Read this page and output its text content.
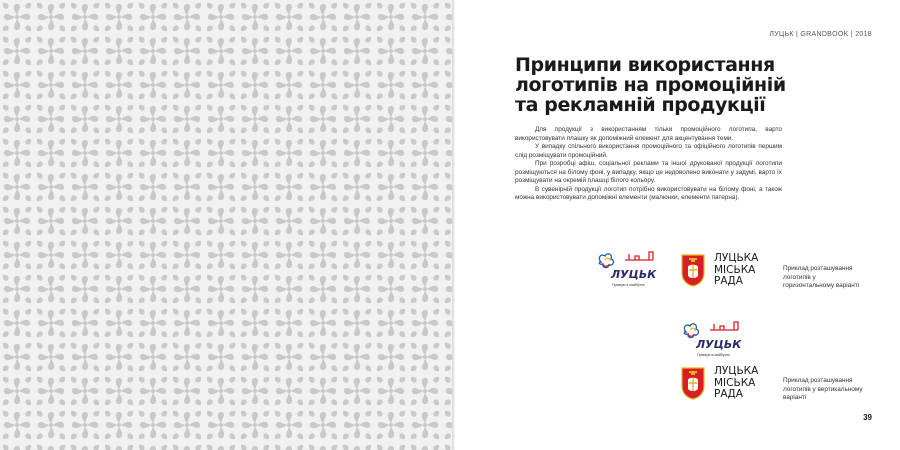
ЛУЦЬК | GRANDBOOK | 2018
Принципи використання
логотипів на промоційній
та рекламній продукції

Для продукції з використанням тільки промоційного логотипа, варто використовувати плашку як допоміжний елемент для акцентування теми.

У випадку спільного використання промоційного та офіційного логотипів першим слід розміщувати промоційний.

При розробці афіш, соціальної реклами та іншої друкованої продукції логотипи розміщуються на білому фоні, у випадку, якщо це недоволено виконати у задумі, варто їх розміщувати на окремій плашці білого кольору.

В сувенірній продукції логотип потрібно використовувати на білому фоні, а також можна використовувати допоміжні елементи (малюнки, елементи патерна).

ЛУЦЬК
Прямую в майбутнє
ЛУЦЬКА
МІСЬКА
РАДА
Приклад розташування логотипів у горизонтальному варіанті
ЛУЦЬК
Прямую в майбутнє
ЛУЦЬКА
МІСЬКА
РАДА
Приклад розташування логотипів у вертикальному варіанті
39
